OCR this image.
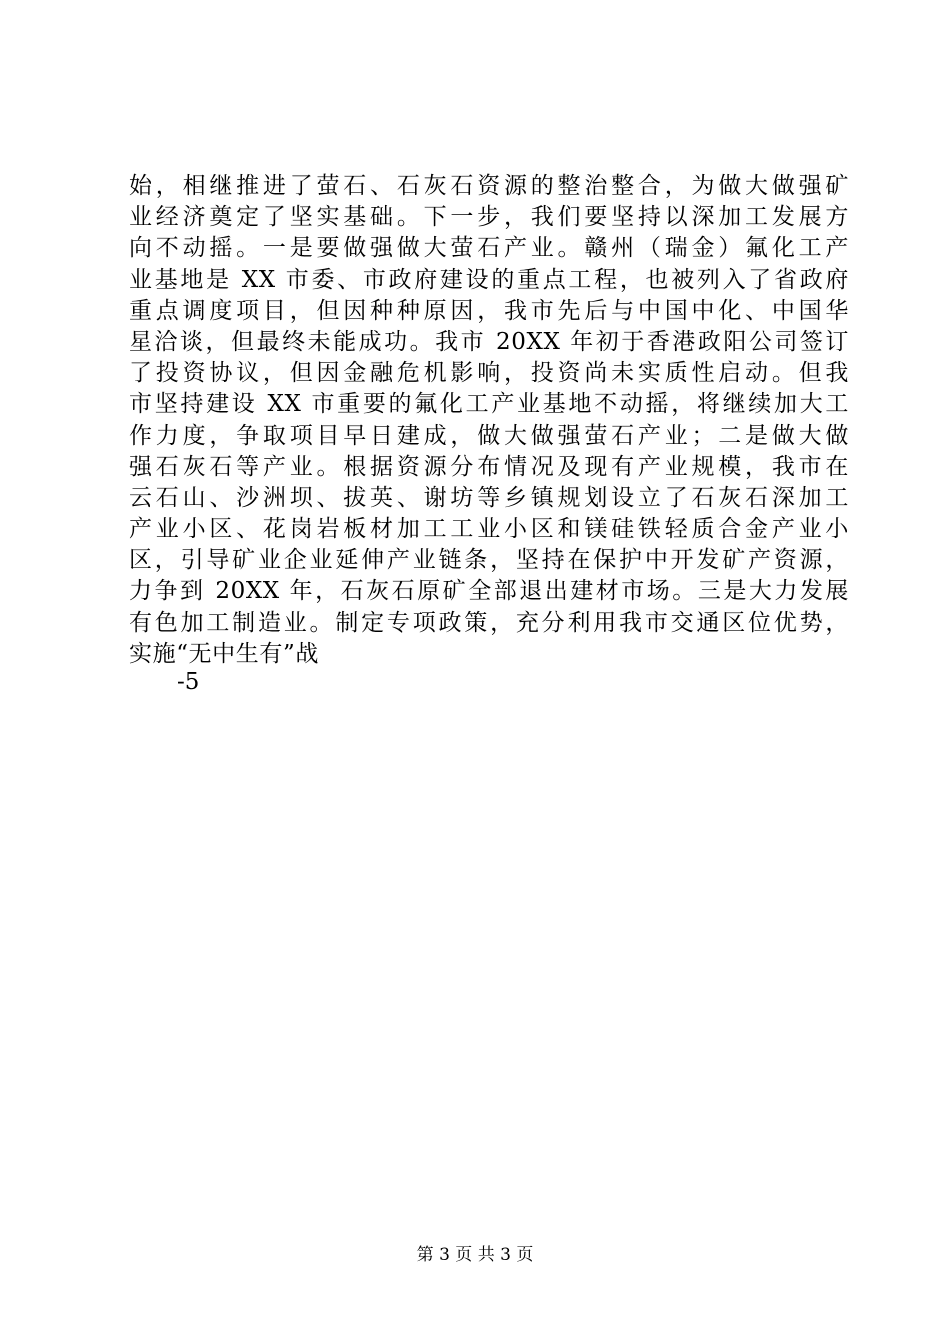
始，相继推进了萤石、石灰石资源的整治整合，为做大做强矿
业经济奠定了坚实基础。下一步，我们要坚持以深加工发展方
向不动摇。一是要做强做大萤石产业。赣州（瑞金）氟化工产
业基地是 XX 市委、市政府建设的重点工程，也被列入了省政府
重点调度项目，但因种种原因，我市先后与中国中化、中国华
星洽谈，但最终未能成功。我市 20XX 年初于香港政阳公司签订
了投资协议，但因金融危机影响，投资尚未实质性启动。但我
市坚持建设 XX 市重要的氟化工产业基地不动摇，将继续加大工
作力度，争取项目早日建成，做大做强萤石产业；二是做大做
强石灰石等产业。根据资源分布情况及现有产业规模，我市在
云石山、沙洲坝、拔英、谢坊等乡镇规划设立了石灰石深加工
产业小区、花岗岩板材加工工业小区和镁硅铁轻质合金产业小
区，引导矿业企业延伸产业链条，坚持在保护中开发矿产资源，
力争到 20XX 年，石灰石原矿全部退出建材市场。三是大力发展
有色加工制造业。制定专项政策，充分利用我市交通区位优势，
实施“无中生有”战
-5
第 3 页 共 3 页
